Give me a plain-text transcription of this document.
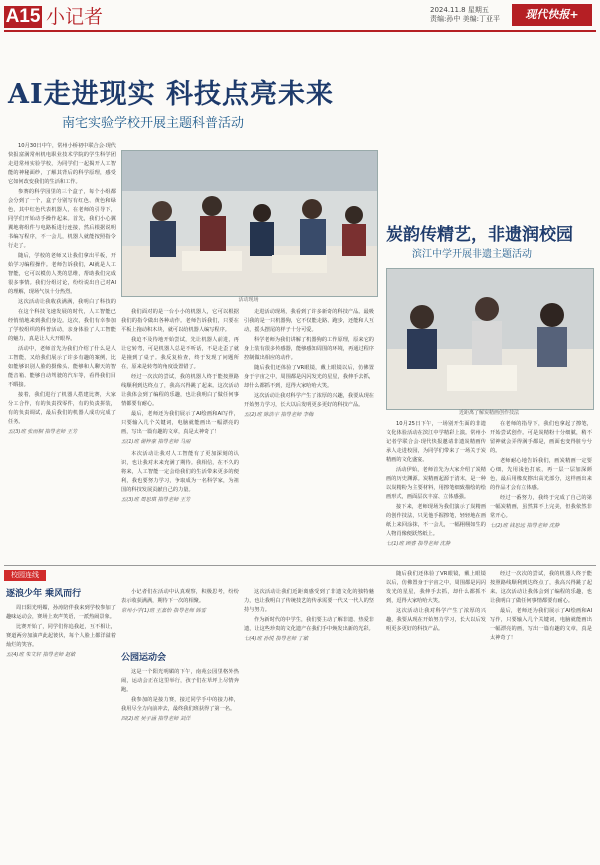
A15 小记者	2024.11.8 星期五
责编:孙中 美编:丁亚平	现代快报+
AI走进现实 科技点亮未来
南宅实验学校开展主题科普活动
活动现场

10月30日中午，常州小桥初中联合会·现代快报富满常州机电职业技术学院的学生科学团走进常州实验学校，为同学们一起揭开人工智能的神秘面纱，了解其背后的科学原理，感受它如何改变我们的生活和工作。

参赛的科学园里的三个盒子，每个小组都会分到了一个，盒子分别写有红色、黄色和绿色，其中红色代表机器人，在老师的引导下，同学们开始动手操作起来。首先，我们小心翼翼地将组件与电路板进行连接，然后根据说明书编写程序，不一会儿，机器人就能按照指令行走了。

随后，学校的老师又让我们拿出平板，开始学习编程操作。老师告诉我们，AI就是人工智能，它可以模仿人类的思维，帮助我们完成很多事情。我们分组讨论，纷纷说出自己对AI的理解，现场气氛十分热烈。

这次活动让我收获满满，我明白了科技的

在这个科技飞速发展的时代，人工智能已经悄悄地来到我们身边。这次，我们有幸参加了学校组织的科普活动，亲身体验了人工智能的魅力，真是让人大开眼界。

活动中，老师首先为我们介绍了什么是人工智能，又给我们展示了许多有趣的案例，比如能够识别人脸的摄像头、能够和人聊天的智能音箱、能够自动驾驶的汽车等，看得我们目不暇接。

接着，我们进行了机器人搭建比赛，大家分工合作，有的负责找零件，有的负责拼装，有的负责调试，最后我们的机器人成功完成了任务。

五(3)班 张雨桐 指导老师 王芳

我们面对的是一台小小的机器人，它可以根据我们的指令做出各种动作。老师告诉我们，只要在平板上拖动积木块，就可以给机器人编写程序。

我迫不及待地开始尝试，先让机器人前进，再让它转弯，可是机器人总是不听话，不是走歪了就是撞到了桌子。我反复检查，终于发现了问题所在，原来是转弯的角度设置错了。

经过一次次的尝试，我的机器人终于能按照路线顺利到达终点了，我高兴得跳了起来。这次活动让我体会到了编程的乐趣，也让我明白了做任何事情都要有耐心。

最后，老师还为我们展示了AI绘画和AI写作，只要输入几个关键词，电脑就能画出一幅漂亮的画，写出一篇有趣的文章，真是太神奇了！

五(1)班 谢梓豪 指导老师 马丽

本次活动让我对人工智能有了更加深刻的认识，也让我对未来充满了期待。我相信，在不久的将来，人工智能一定会给我们的生活带来更多的便利，我也要努力学习，争取成为一名科学家，为祖国的科技发展贡献自己的力量。

五(3)班 周思琪 指导老师 王芳

走进活动现场，我看到了许多新奇的科技产品。最吸引我的是一只机器狗，它不仅能走路、跑步，还能和人互动，摇头摆尾的样子十分可爱。

科学老师为我们讲解了机器狗的工作原理，原来它的身上装有很多传感器，能够感知周围的环境，再通过程序控制做出相应的动作。

随后我们还体验了VR眼镜，戴上眼镜以后，仿佛置身于宇宙之中，周围都是闪闪发光的星星，我伸手去抓，却什么都抓不到，逗得大家哈哈大笑。

这次活动让我对科学产生了浓厚的兴趣，我要从现在开始努力学习，长大以后发明更多更好的科技产品。

五(2)班 陈浩宇 指导老师 李梅

炭韵传精艺，非遗润校园
滨江中学开展非遗主题活动
近距离了解炭精画创作技法

10月25日下午，一场别开生面的非遗文化体验活动在滨江中学精彩上演。常州小记者学联合会·现代快报邀请非遗炭精画传承人走进校园，为同学们带来了一场关于炭精画的文化盛宴。

活动伊始，老师首先为大家介绍了炭精画的历史渊源。炭精画起源于清末，是一种以炭精粉为主要材料，用擦笔细致描绘的绘画形式，画面层次丰富、立体感强。

接下来，老师现场为我们演示了炭精画的创作技法，只见他手握擦笔，轻轻地在画纸上来回涂抹，不一会儿，一幅栩栩如生的人物肖像便跃然纸上。

七(1)班 顾睿 指导老师 沈静

在老师的指导下，我们也拿起了擦笔，开始尝试创作。可是炭精粉十分细腻，稍不留神就会弄得满手都是，画面也变得脏兮兮的。

老师耐心地告诉我们，画炭精画一定要心细，先用浅色打底，再一层一层加深颜色，最后用橡皮擦出高光部分，这样画出来的作品才会有立体感。

经过一番努力，我终于完成了自己的第一幅炭精画，虽然算不上完美，但我依然非常开心。

七(2)班 钱思远 指导老师 沈静

校园连线
逐浪少年 乘风而行

周日阳光明媚，孙涛陪伴我来到学校参加了趣味运动会，赛场上欢声笑语，一派热闹景象。

比赛开始了，同学们你追我赶，互不相让，赛道两旁加油声此起彼伏，每个人脸上都洋溢着灿烂的笑容。

五(4)班 朱文轩 指导老师 赵敏

小记者们在活动中认真观察，积极思考，纷纷表示收获满满，期待下一次的相聚。

常州小学(1)班 王嘉怡 指导老师 韩雪

公园运动会

这是一个阳光明媚的下午，南苑公园里格外热闹，运动会正在这里举行，孩子们在草坪上尽情奔跑。

我参加的是接力赛，接过同学手中的接力棒，我用尽全力向前冲去，最终我们班获得了第一名。

四(2)班 吴子涵 指导老师 刘洋

这次活动让我们近距离感受到了非遗文化的独特魅力，也让我明白了传统技艺的传承需要一代又一代人的坚持与努力。

作为新时代的中学生，我们要主动了解非遗、热爱非遗，让这些珍贵的文化遗产在我们手中焕发出新的光彩。

七(4)班 孙悦 指导老师 丁敏

随后我们还体验了VR眼镜，戴上眼镜以后，仿佛置身于宇宙之中，周围都是闪闪发光的星星，我伸手去抓，却什么都抓不到，逗得大家哈哈大笑。

这次活动让我对科学产生了浓厚的兴趣，我要从现在开始努力学习，长大以后发明更多更好的科技产品。

经过一次次的尝试，我的机器人终于能按照路线顺利到达终点了，我高兴得跳了起来。这次活动让我体会到了编程的乐趣，也让我明白了做任何事情都要有耐心。

最后，老师还为我们展示了AI绘画和AI写作，只要输入几个关键词，电脑就能画出一幅漂亮的画，写出一篇有趣的文章，真是太神奇了！
